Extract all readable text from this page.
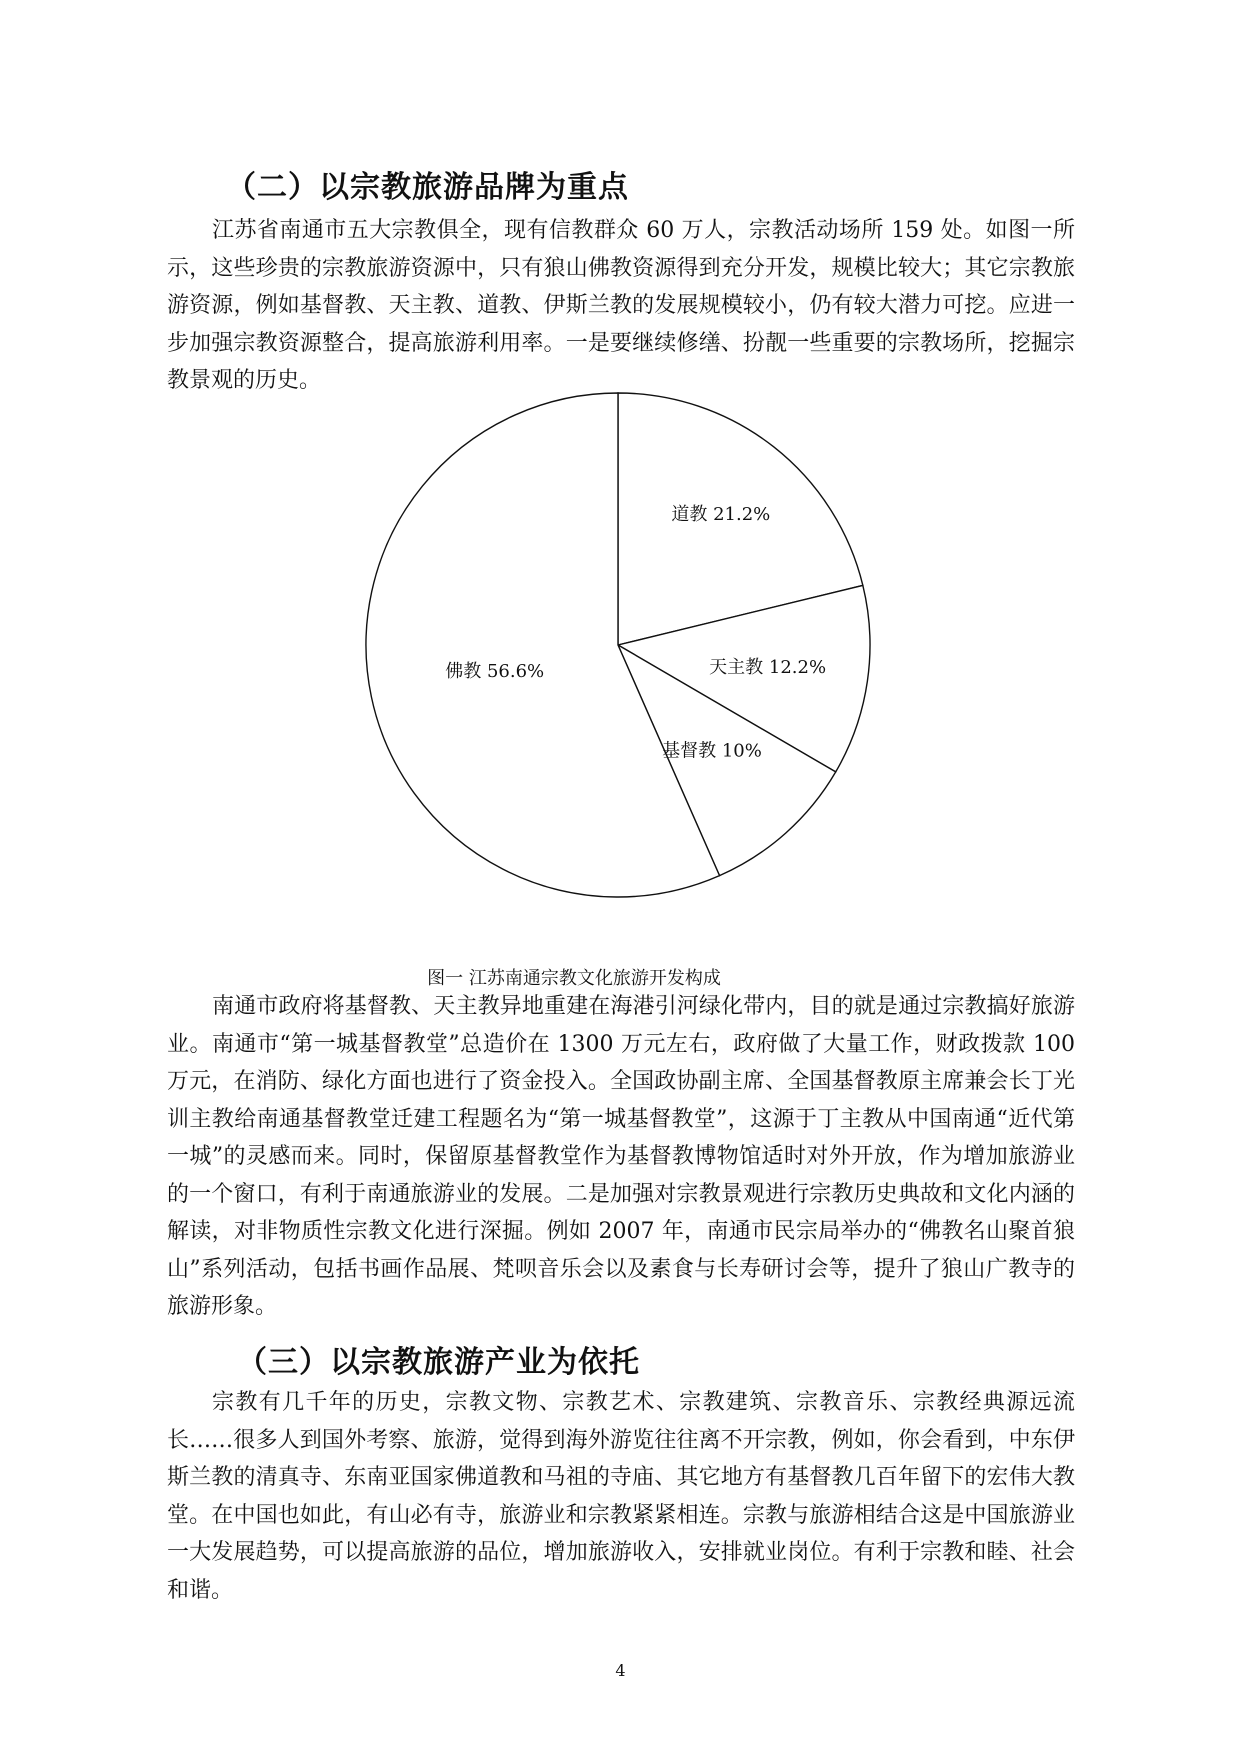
（二）以宗教旅游品牌为重点

江苏省南通市五大宗教俱全，现有信教群众 60 万人，宗教活动场所 159 处。如图一所示，这些珍贵的宗教旅游资源中，只有狼山佛教资源得到充分开发，规模比较大；其它宗教旅游资源，例如基督教、天主教、道教、伊斯兰教的发展规模较小，仍有较大潜力可挖。应进一步加强宗教资源整合，提高旅游利用率。一是要继续修缮、扮靓一些重要的宗教场所，挖掘宗教景观的历史。

道教 21.2%
天主教 12.2%
基督教 10%
佛教 56.6%

图一 江苏南通宗教文化旅游开发构成

南通市政府将基督教、天主教异地重建在海港引河绿化带内，目的就是通过宗教搞好旅游业。南通市“第一城基督教堂”总造价在 1300 万元左右，政府做了大量工作，财政拨款 100 万元，在消防、绿化方面也进行了资金投入。全国政协副主席、全国基督教原主席兼会长丁光训主教给南通基督教堂迁建工程题名为“第一城基督教堂”，这源于丁主教从中国南通“近代第一城”的灵感而来。同时，保留原基督教堂作为基督教博物馆适时对外开放，作为增加旅游业的一个窗口，有利于南通旅游业的发展。二是加强对宗教景观进行宗教历史典故和文化内涵的解读，对非物质性宗教文化进行深掘。例如 2007 年，南通市民宗局举办的“佛教名山聚首狼山”系列活动，包括书画作品展、梵呗音乐会以及素食与长寿研讨会等，提升了狼山广教寺的旅游形象。

（三）以宗教旅游产业为依托

宗教有几千年的历史，宗教文物、宗教艺术、宗教建筑、宗教音乐、宗教经典源远流长……很多人到国外考察、旅游，觉得到海外游览往往离不开宗教，例如，你会看到，中东伊斯兰教的清真寺、东南亚国家佛道教和马祖的寺庙、其它地方有基督教几百年留下的宏伟大教堂。在中国也如此，有山必有寺，旅游业和宗教紧紧相连。宗教与旅游相结合这是中国旅游业一大发展趋势，可以提高旅游的品位，增加旅游收入，安排就业岗位。有利于宗教和睦、社会和谐。

4
